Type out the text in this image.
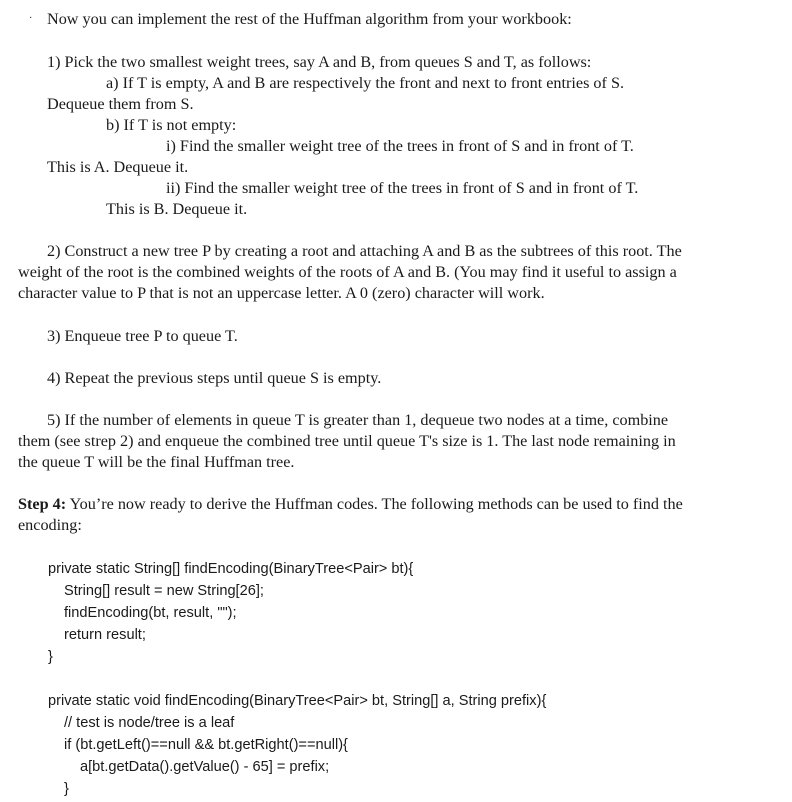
· Now you can implement the rest of the Huffman algorithm from your workbook:
1) Pick the two smallest weight trees, say A and B, from queues S and T, as follows:
a) If T is empty, A and B are respectively the front and next to front entries of S.
Dequeue them from S.
b) If T is not empty:
i) Find the smaller weight tree of the trees in front of S and in front of T.
This is A. Dequeue it.
ii) Find the smaller weight tree of the trees in front of S and in front of T.
This is B. Dequeue it.
2) Construct a new tree P by creating a root and attaching A and B as the subtrees of this root. The
weight of the root is the combined weights of the roots of A and B. (You may find it useful to assign a
character value to P that is not an uppercase letter. A 0 (zero) character will work.
3) Enqueue tree P to queue T.
4) Repeat the previous steps until queue S is empty.
5) If the number of elements in queue T is greater than 1, dequeue two nodes at a time, combine
them (see strep 2) and enqueue the combined tree until queue T's size is 1. The last node remaining in
the queue T will be the final Huffman tree.
Step 4: You’re now ready to derive the Huffman codes. The following methods can be used to find the
encoding:
private static String[] findEncoding(BinaryTree<Pair> bt){
String[] result = new String[26];
findEncoding(bt, result, "");
return result;
}
private static void findEncoding(BinaryTree<Pair> bt, String[] a, String prefix){
// test is node/tree is a leaf
if (bt.getLeft()==null && bt.getRight()==null){
a[bt.getData().getValue() - 65] = prefix;
}
